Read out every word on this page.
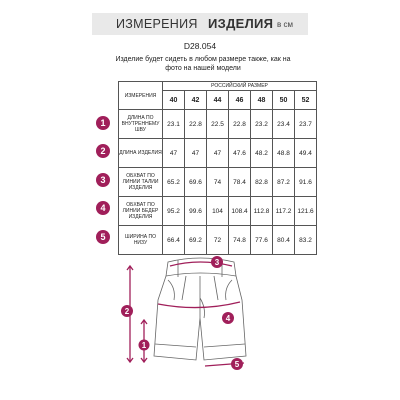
ИЗМЕРЕНИЯ ИЗДЕЛИЯ в см
D28.054
Изделие будет сидеть в любом размере также, как на фото на нашей модели
ИЗМЕРЕНИЯ	РОССИЙСКИЙ РАЗМЕР						
	40	42	44	46	48	50	52
ДЛИНА ПО ВНУТРЕННЕМУ ШВУ	23.1	22.8	22.5	22.8	23.2	23.4	23.7
ДЛИНА ИЗДЕЛИЯ	47	47	47	47.6	48.2	48.8	49.4
ОБХВАТ ПО ЛИНИИ ТАЛИИ ИЗДЕЛИЯ	65.2	69.6	74	78.4	82.8	87.2	91.6
ОБХВАТ ПО ЛИНИИ БЕДЕР ИЗДЕЛИЯ	95.2	99.6	104	108.4	112.8	117.2	121.6
ШИРИНА ПО НИЗУ	66.4	69.2	72	74.8	77.6	80.4	83.2
1
2
3
4
5
2
1
3
4
5
